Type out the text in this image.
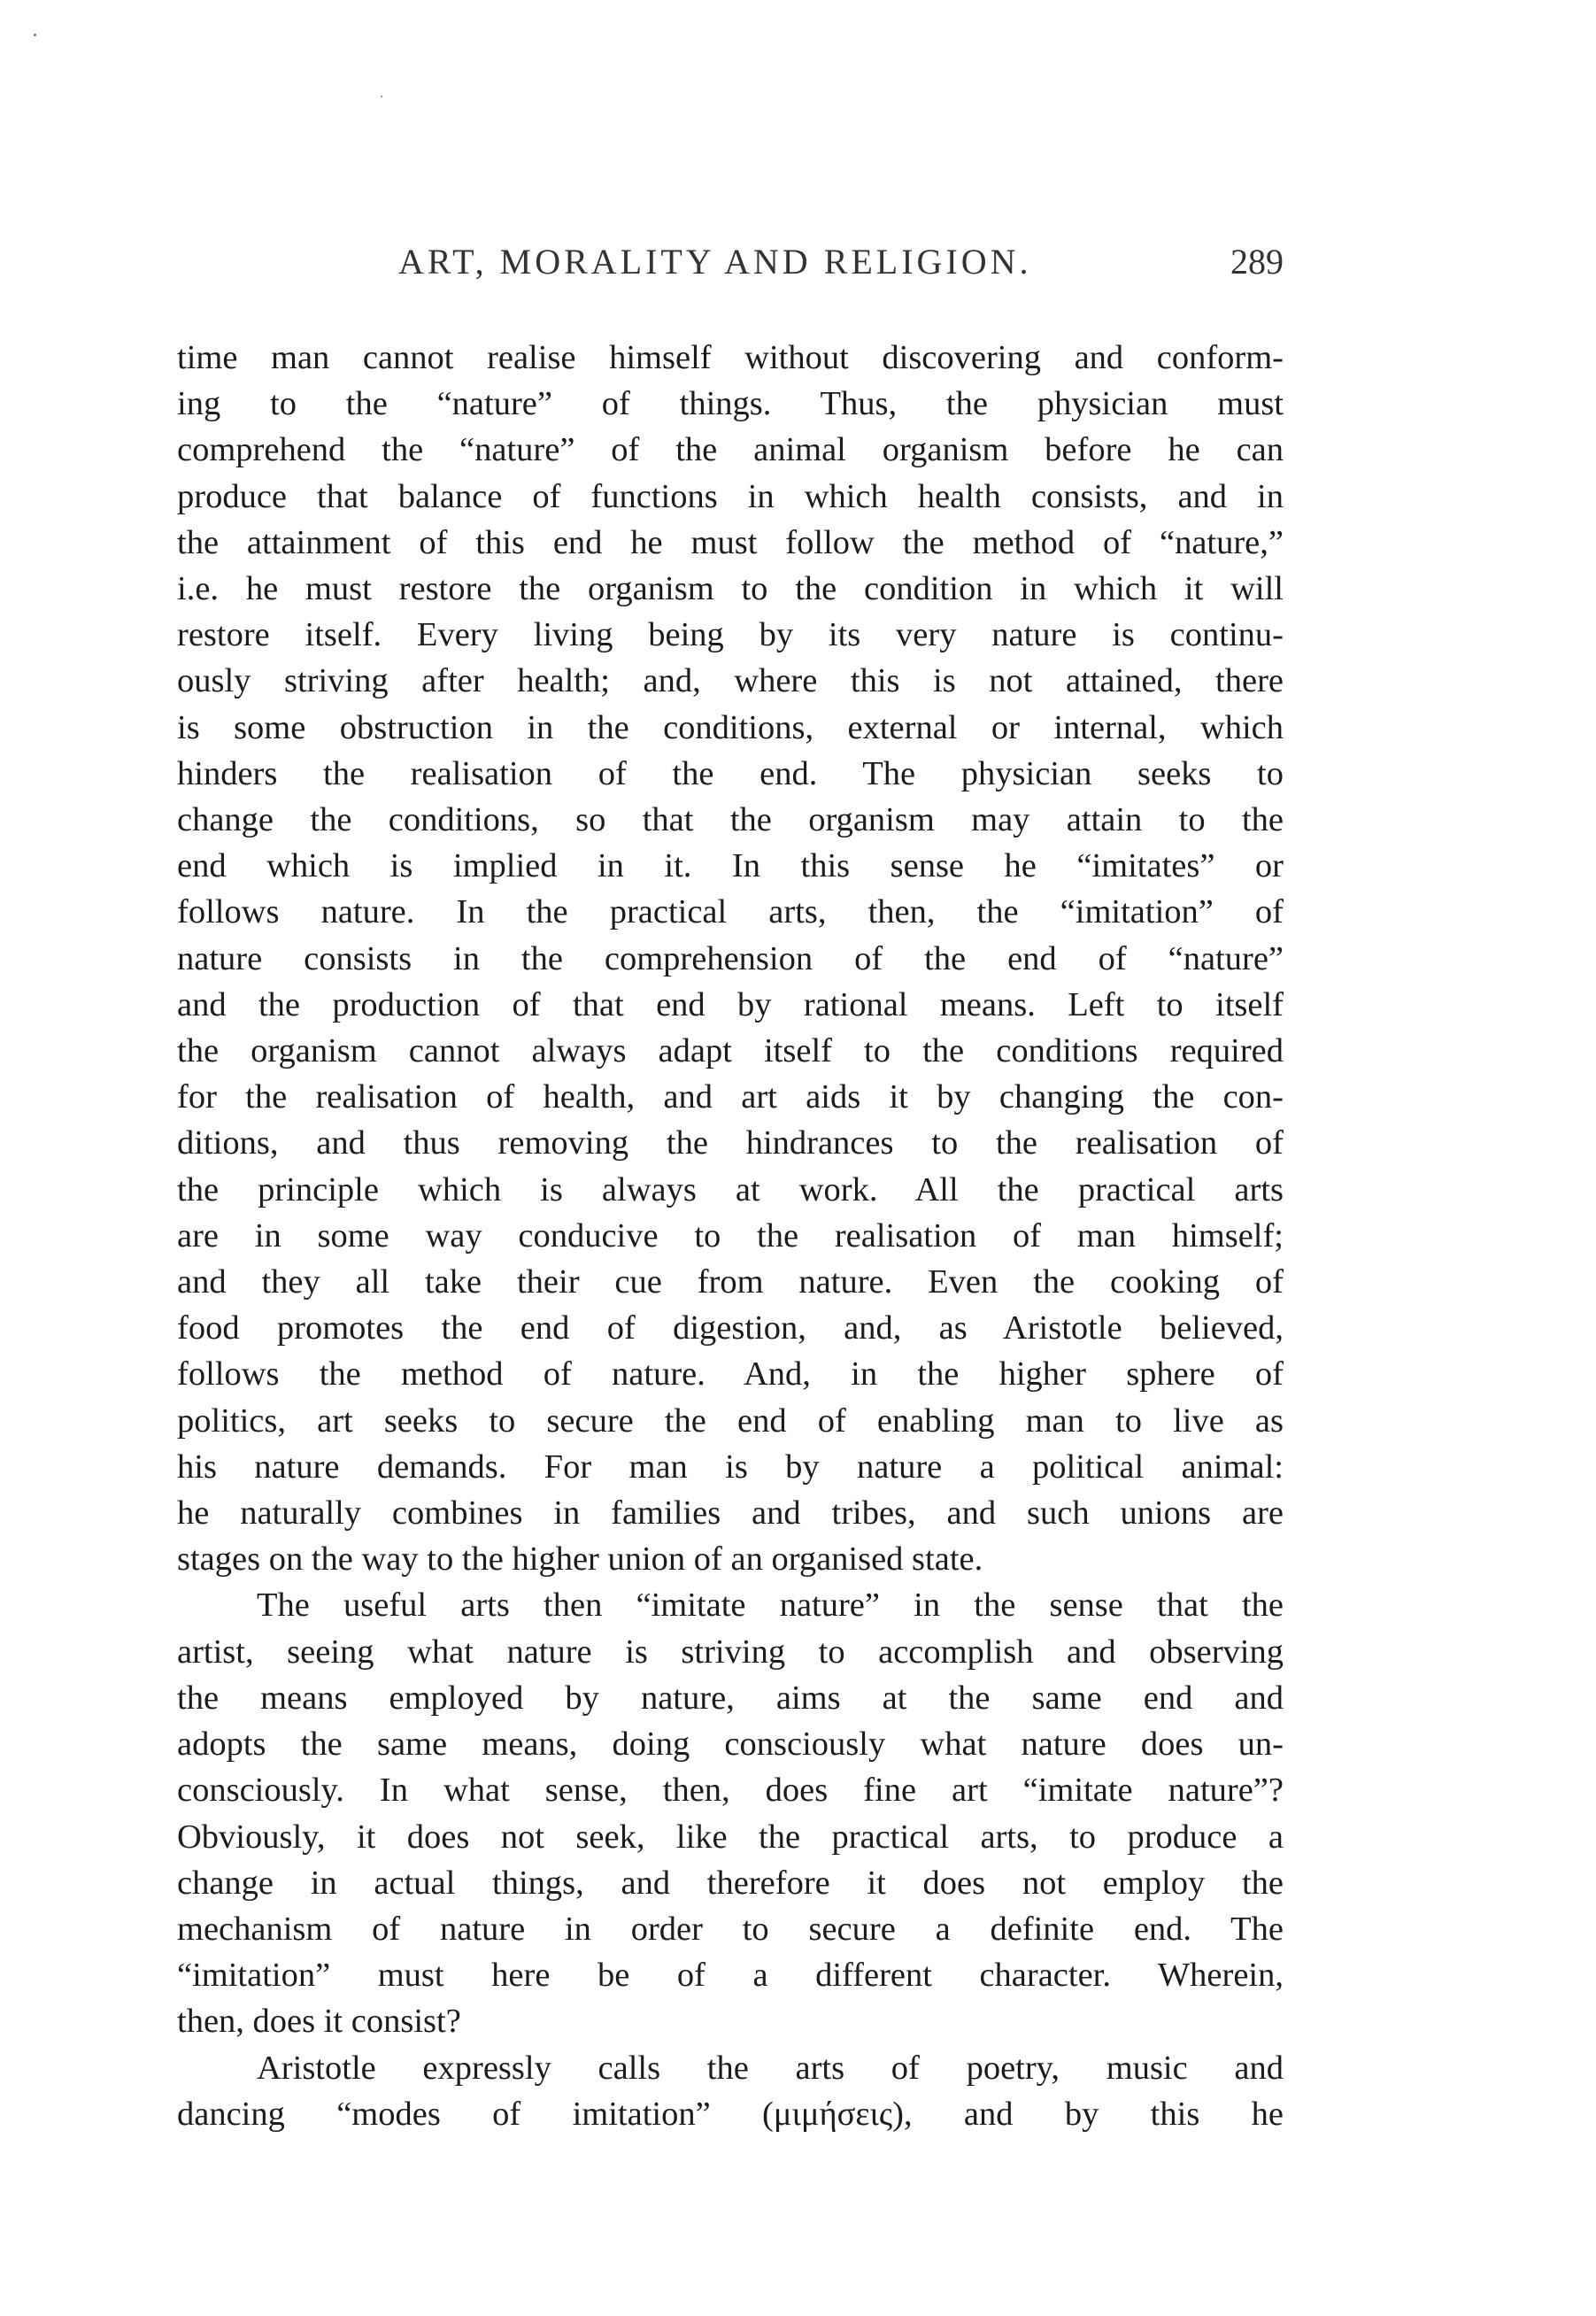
ART, MORALITY AND RELIGION.	289
time man cannot realise himself without discovering and conform-
ing to the “nature” of things. Thus, the physician must
comprehend the “nature” of the animal organism before he can
produce that balance of functions in which health consists, and in
the attainment of this end he must follow the method of “nature,”
i.e. he must restore the organism to the condition in which it will
restore itself. Every living being by its very nature is continu-
ously striving after health; and, where this is not attained, there
is some obstruction in the conditions, external or internal, which
hinders the realisation of the end. The physician seeks to
change the conditions, so that the organism may attain to the
end which is implied in it. In this sense he “imitates” or
follows nature. In the practical arts, then, the “imitation” of
nature consists in the comprehension of the end of “nature”
and the production of that end by rational means. Left to itself
the organism cannot always adapt itself to the conditions required
for the realisation of health, and art aids it by changing the con-
ditions, and thus removing the hindrances to the realisation of
the principle which is always at work. All the practical arts
are in some way conducive to the realisation of man himself;
and they all take their cue from nature. Even the cooking of
food promotes the end of digestion, and, as Aristotle believed,
follows the method of nature. And, in the higher sphere of
politics, art seeks to secure the end of enabling man to live as
his nature demands. For man is by nature a political animal:
he naturally combines in families and tribes, and such unions are
stages on the way to the higher union of an organised state.
The useful arts then “imitate nature” in the sense that the
artist, seeing what nature is striving to accomplish and observing
the means employed by nature, aims at the same end and
adopts the same means, doing consciously what nature does un-
consciously. In what sense, then, does fine art “imitate nature”?
Obviously, it does not seek, like the practical arts, to produce a
change in actual things, and therefore it does not employ the
mechanism of nature in order to secure a definite end. The
“imitation” must here be of a different character. Wherein,
then, does it consist?
Aristotle expressly calls the arts of poetry, music and
dancing “modes of imitation” (μιμήσεις), and by this he
